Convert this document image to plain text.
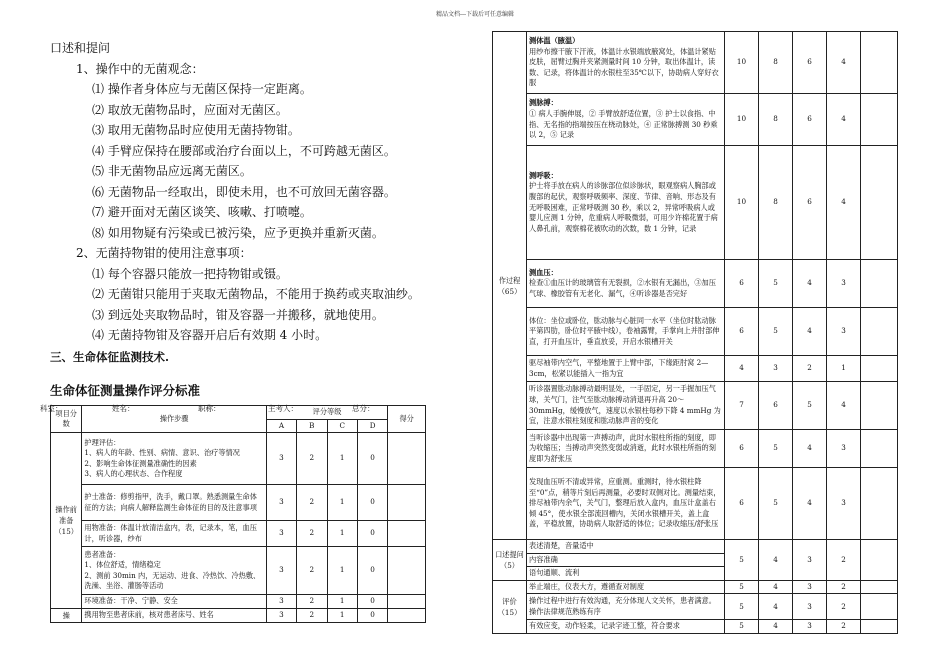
精品文档---下载后可任意编辑
口述和提问
1、操作中的无菌观念：
⑴ 操作者身体应与无菌区保持一定距离。
⑵ 取放无菌物品时，应面对无菌区。
⑶ 取用无菌物品时应使用无菌持物钳。
⑷ 手臂应保持在腰部或治疗台面以上，不可跨越无菌区。
⑸ 非无菌物品应远离无菌区。
⑹ 无菌物品一经取出，即使未用，也不可放回无菌容器。
⑺ 避开面对无菌区谈笑、咳嗽、打喷嚏。
⑻ 如用物疑有污染或已被污染，应予更换并重新灭菌。
2、无菌持物钳的使用注意事项：
⑴ 每个容器只能放一把持物钳或镊。
⑵ 无菌钳只能用于夹取无菌物品，不能用于换药或夹取油纱。
⑶ 到远处夹取物品时，钳及容器一并搬移，就地使用。
⑷ 无菌持物钳及容器开启后有效期 4 小时。
三、生命体征监测技术.
生命体征测量操作评分标准
科室：	姓名：	职称：	主考人：	总分：
项目分数	操作步骤	评分等级				得分
		A	B	C	D	
操作前准备（15）	护理评估：
1、病人的年龄、性别、病情、意识、治疗等情况
2、影响生命体征测量准确性的因素
3、病人的心理状态、合作程度	3	2	1	0	

	护士准备：修剪指甲，洗手，戴口罩。熟悉测量生命体征的方法；向病人解释监测生命体征的目的及注意事项	3	2	1	0	

	用物准备：体温计放清洁盒内，表，记录本，笔，血压计，听诊器，纱布	3	2	1	0	

	患者准备：
1、体位舒适，情绪稳定
2、测前 30min 内，无运动、进食、冷热饮、冷热敷、洗澡、坐浴、灌肠等活动	3	2	1	0	

	环境准备：干净、宁静、安全	3	2	1	0	
操	携用物至患者床前，核对患者床号、姓名	3	2	1	0	
作过程（65）	测体温（腋温）
用纱布擦干腋下汗液，体温计水银端放腋窝处，体温计紧贴皮肤，屈臂过胸并夹紧测量时间 10 分钟，取出体温计，读数、记录，将体温计的水银柱至35℃以下，协助病人穿好衣服	10	8	6	4	

	测脉搏：
① 病人手腕伸展，② 手臂放舒适位置，③ 护士以食指、中指、无名指的指端按压在桡动脉处，④ 正常脉搏测 30 秒乘以 2，⑤ 记录	10	8	6	4	

	测呼吸：
护士将手放在病人的诊脉部位似诊脉状，眼观察病人胸部或腹部的起伏，观察呼吸频率、深度、节律、音响、形态及有无呼吸困难，正常呼吸测 30 秒，乘以 2，异常呼吸病人或婴儿应测 1 分钟，危重病人呼吸微弱，可用少许棉花置于病人鼻孔前，观察棉花被吹动的次数，数 1 分钟，记录	10	8	6	4	

	测血压：
检查①血压计的玻璃管有无裂损，②水银有无漏出，③加压气球、橡胶管有无老化、漏气，④听诊器是否完好	6	5	4	3	

	体位：坐位或卧位，肱动脉与心脏同一水平（坐位时肱动脉平第四肋，卧位时平腋中线），卷袖露臂，手掌向上并肘部伸直，打开血压计，垂直放妥，开启水银槽开关	6	5	4	3	

	驱尽袖带内空气，平整地置于上臂中部，下缘距肘窝 2—3cm，松紧以能插入一指为宜	4	3	2	1	

	听诊器置肱动脉搏动最明显处，一手固定，另一手握加压气球，关气门，注气至肱动脉搏动消退再升高 20～30mmHg，缓慢放气，速度以水银柱每秒下降 4 mmHg 为宜，注意水银柱刻度和肱动脉声音的变化	7	6	5	4	

	当听诊器中出现第一声搏动声，此时水银柱所指的刻度，即为收缩压；当搏动声突然变弱或消逝，此时水银柱所指的刻度即为舒张压	6	5	4	3	

	发现血压听不清或异常，应重测。重测时，待水银柱降至“0”点，稍等片刻后再测量，必要时双侧对比。测量结束，排尽袖带内余气，关气门，整理后放入盒内，血压计盒盖右倾 45°，使水银全部流回槽内，关闭水银槽开关，盖上盒盖，平稳放置，协助病人取舒适的体位；记录收缩压/舒张压	6	5	4	3	
口述提问（5）	表述清楚，音量适中
内容准确
语句通顺、流利	5	4	3	2	
评价（15）	举止端庄，仪表大方，遵循查对制度	5	4	3	2	

	操作过程中进行有效沟通，充分体现人文关怀，患者满意。操作法律规范熟练有序	5	4	3	2	

	有效应变，动作轻柔，记录字迹工整，符合要求	5	4	3	2	
